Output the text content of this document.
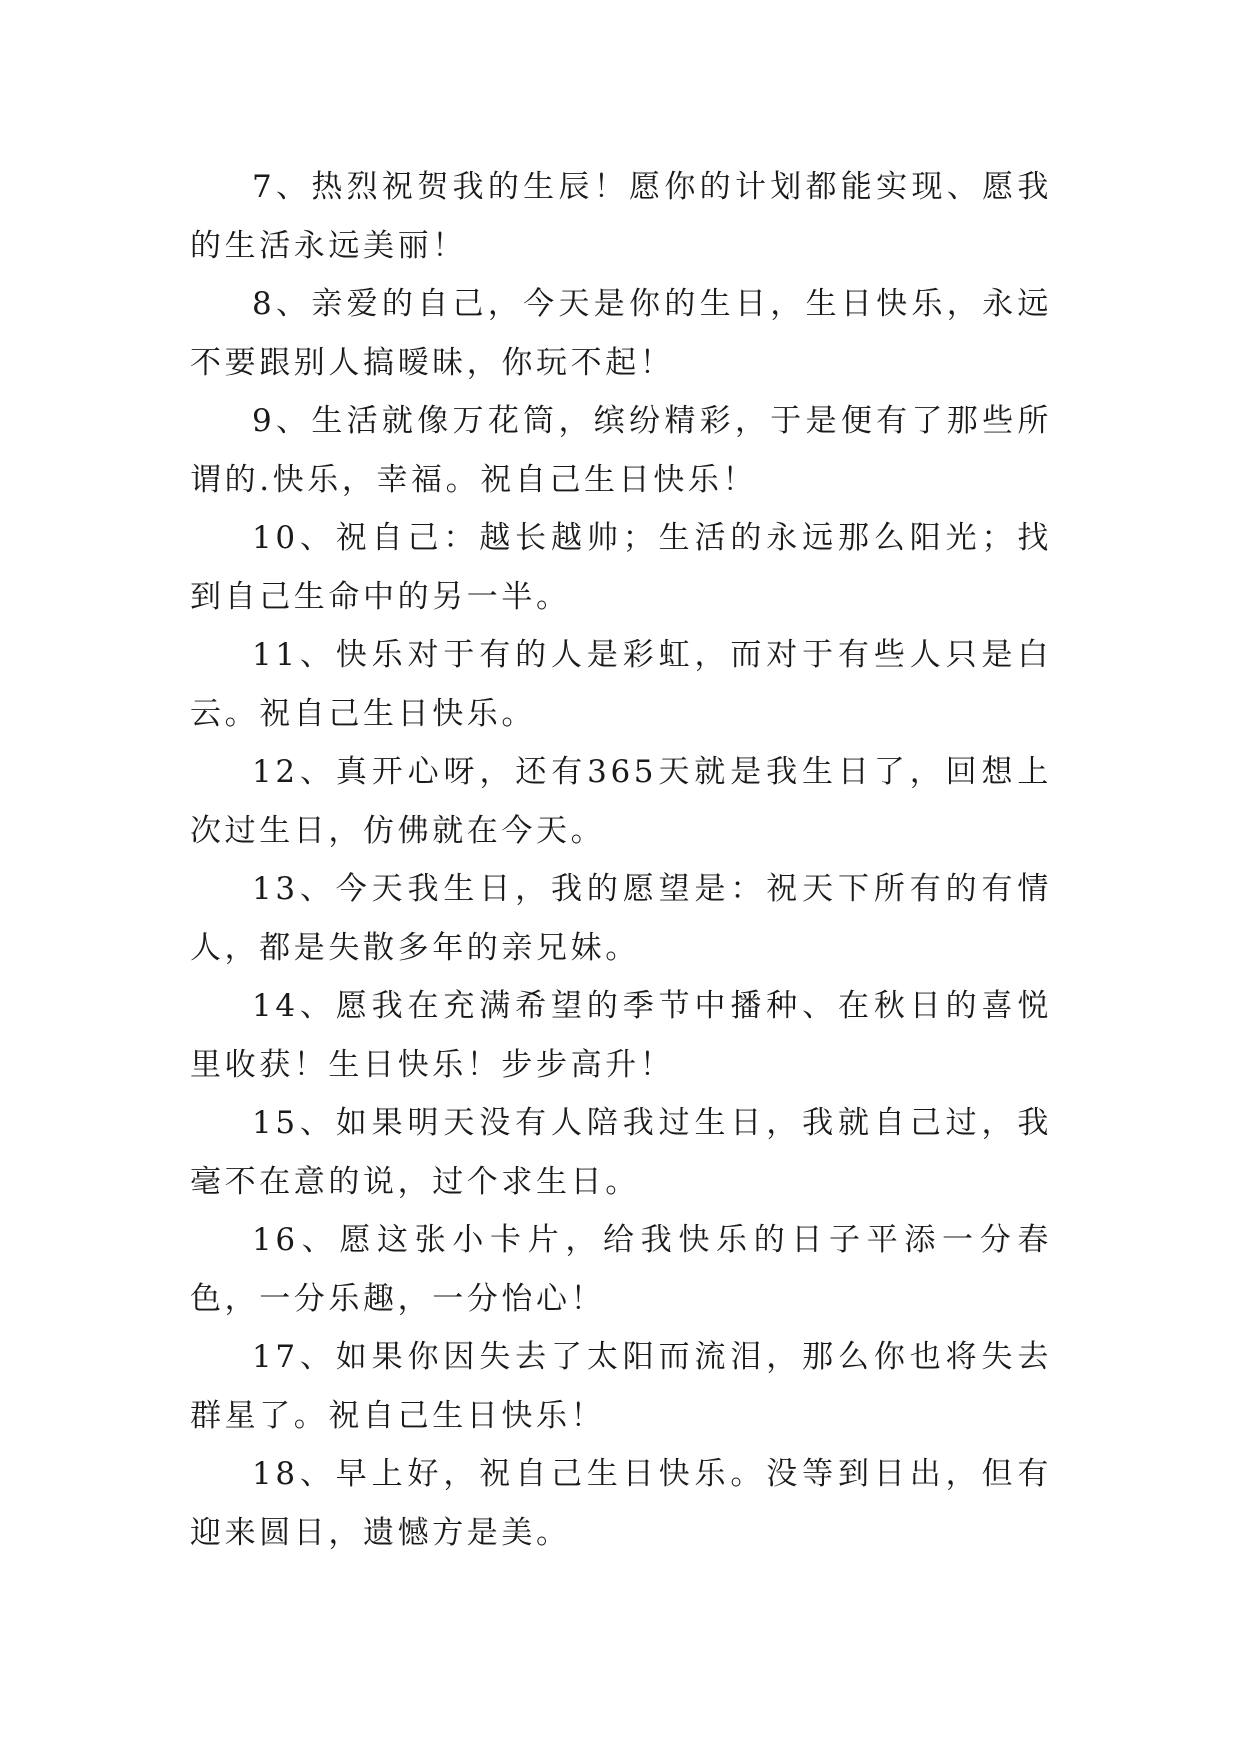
7、热烈祝贺我的生辰！愿你的计划都能实现、愿我的生活永远美丽！

8、亲爱的自己，今天是你的生日，生日快乐，永远不要跟别人搞暧昧，你玩不起！

9、生活就像万花筒，缤纷精彩，于是便有了那些所谓的.快乐，幸福。祝自己生日快乐！

10、祝自己：越长越帅；生活的永远那么阳光；找到自己生命中的另一半。

11、快乐对于有的人是彩虹，而对于有些人只是白云。祝自己生日快乐。

12、真开心呀，还有365天就是我生日了，回想上次过生日，仿佛就在今天。

13、今天我生日，我的愿望是：祝天下所有的有情人，都是失散多年的亲兄妹。

14、愿我在充满希望的季节中播种、在秋日的喜悦里收获！生日快乐！步步高升！

15、如果明天没有人陪我过生日，我就自己过，我毫不在意的说，过个求生日。

16、愿这张小卡片，给我快乐的日子平添一分春色，一分乐趣，一分怡心！

17、如果你因失去了太阳而流泪，那么你也将失去群星了。祝自己生日快乐！

18、早上好，祝自己生日快乐。没等到日出，但有迎来圆日，遗憾方是美。
